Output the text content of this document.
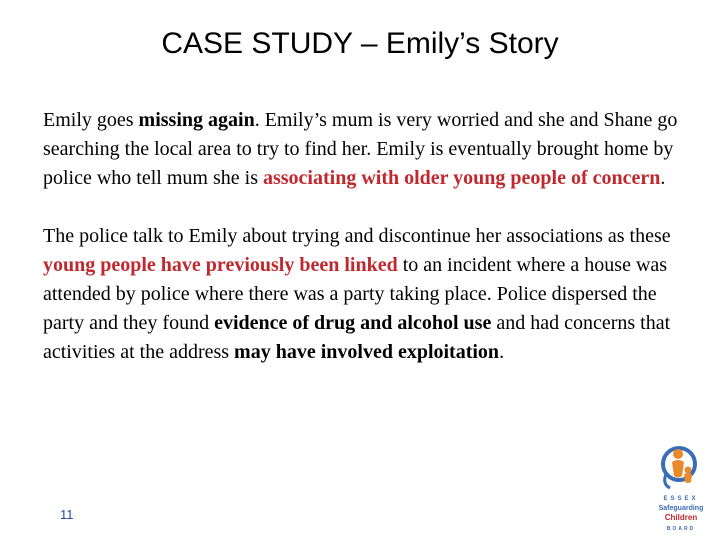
CASE STUDY – Emily’s Story

Emily goes missing again. Emily’s mum is very worried and she and Shane go searching the local area to try to find her. Emily is eventually brought home by police who tell mum she is associating with older young people of concern.

The police talk to Emily about trying and discontinue her associations as these young people have previously been linked to an incident where a house was attended by police where there was a party taking place. Police dispersed the party and they found evidence of drug and alcohol use and had concerns that activities at the address may have involved exploitation.

11
ESSEX
Safeguarding
Children
BOARD
